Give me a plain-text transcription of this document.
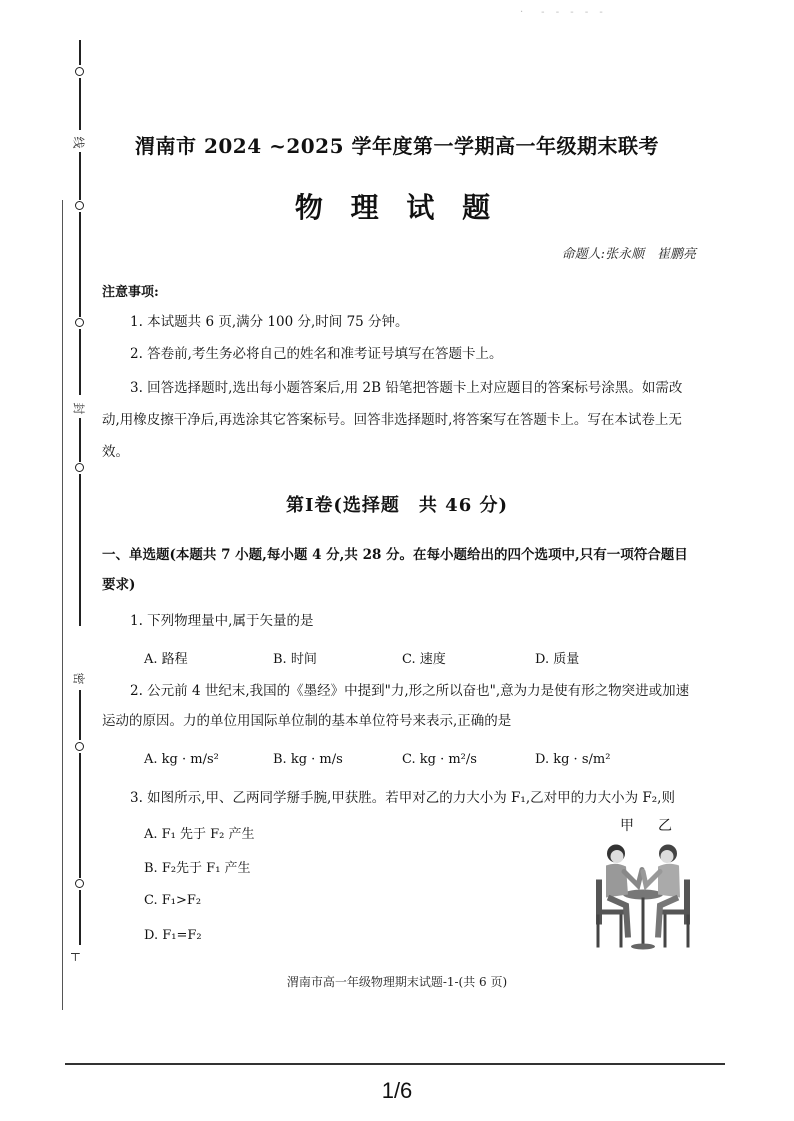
·　- - - - -
线
封
密
⊢
渭南市 2024 ~2025 学年度第一学期高一年级期末联考
物 理 试 题
命题人:张永顺　崔鹏亮
注意事项:
1. 本试题共 6 页,满分 100 分,时间 75 分钟。
2. 答卷前,考生务必将自己的姓名和准考证号填写在答题卡上。
3. 回答选择题时,选出每小题答案后,用 2B 铅笔把答题卡上对应题目的答案标号涂黑。如需改动,用橡皮擦干净后,再选涂其它答案标号。回答非选择题时,将答案写在答题卡上。写在本试卷上无效。
第Ⅰ卷(选择题　共 46 分)
一、单选题(本题共 7 小题,每小题 4 分,共 28 分。在每小题给出的四个选项中,只有一项符合题目要求)
1. 下列物理量中,属于矢量的是
A. 路程	B. 时间	C. 速度	D. 质量
2. 公元前 4 世纪末,我国的《墨经》中提到"力,形之所以奋也",意为力是使有形之物突进或加速运动的原因。力的单位用国际单位制的基本单位符号来表示,正确的是
A. kg · m/s²	B. kg · m/s	C. kg · m²/s	D. kg · s/m²
3. 如图所示,甲、乙两同学掰手腕,甲获胜。若甲对乙的力大小为 F₁,乙对甲的力大小为 F₂,则
A. F₁ 先于 F₂ 产生
B. F₂先于 F₁ 产生
C. F₁>F₂
D. F₁=F₂
甲 乙
渭南市高一年级物理期末试题-1-(共 6 页)
1/6
